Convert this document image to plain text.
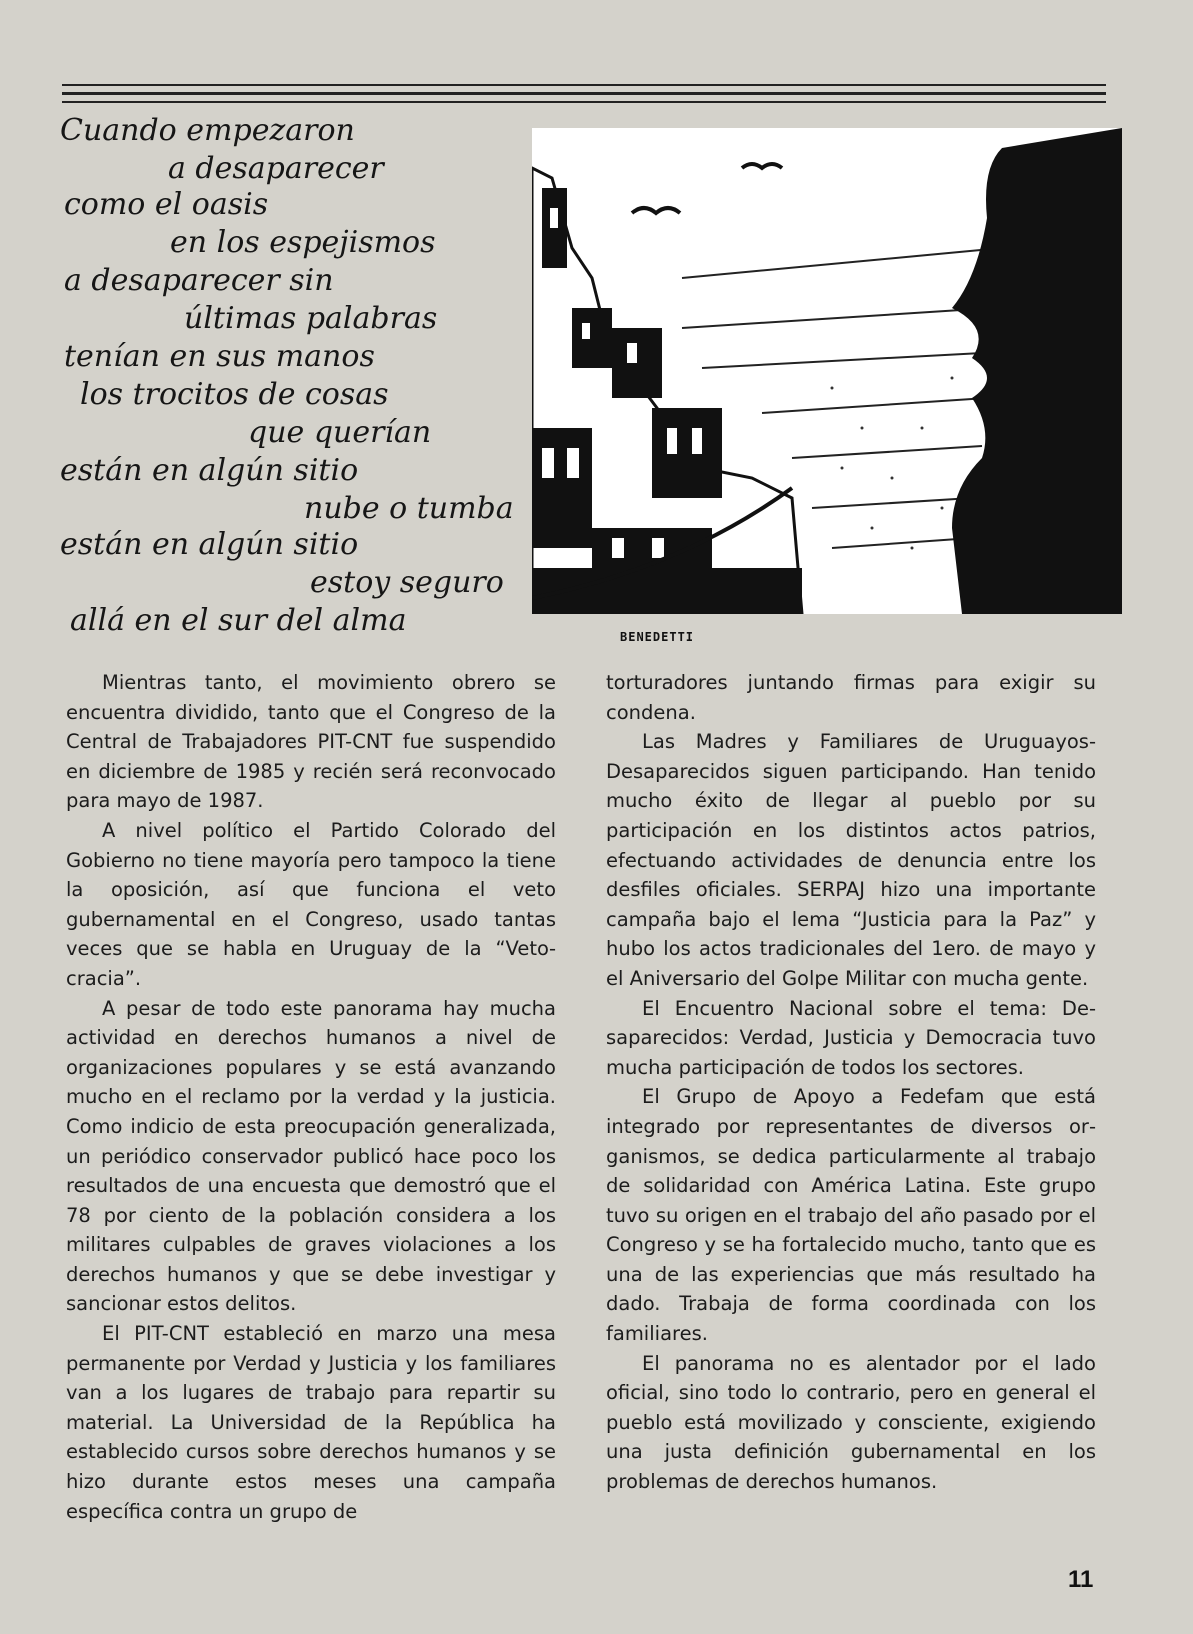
Cuando empezaron
a desaparecer
como el oasis
en los espejismos
a desaparecer sin
últimas palabras
tenían en sus manos
los trocitos de cosas
que querían
están en algún sitio
nube o tumba
están en algún sitio
estoy seguro
allá en el sur del alma	BENEDETTI

Mientras tanto, el movimiento obrero se encuentra dividido, tanto que el Congreso de la Central de Trabajadores PIT-CNT fue suspendido en diciembre de 1985 y recién será reconvocado para mayo de 1987.

A nivel político el Partido Colorado del Gobierno no tiene mayoría pero tampoco la tiene la oposición, así que funciona el veto gubernamental en el Congreso, usado tantas veces que se habla en Uruguay de la “Vetocracia”.

A pesar de todo este panorama hay mucha actividad en derechos humanos a nivel de organizaciones populares y se está avanzando mucho en el reclamo por la verdad y la justicia. Como indicio de esta preocupación generalizada, un periódico conservador publicó hace poco los resultados de una encuesta que demostró que el 78 por ciento de la población considera a los militares culpables de graves violaciones a los derechos humanos y que se debe investigar y sancionar estos delitos.

El PIT-CNT estableció en marzo una mesa permanente por Verdad y Justicia y los familiares van a los lugares de trabajo para repartir su material. La Universidad de la República ha establecido cursos sobre derechos humanos y se hizo durante estos meses una campaña específica contra un grupo de

torturadores juntando firmas para exigir su condena.

Las Madres y Familiares de Uruguayos-Desaparecidos siguen participando. Han tenido mucho éxito de llegar al pueblo por su participación en los distintos actos patrios, efectuando actividades de denuncia entre los desfiles oficiales. SERPAJ hizo una importante campaña bajo el lema “Justicia para la Paz” y hubo los actos tradicionales del 1ero. de mayo y el Aniversario del Golpe Militar con mucha gente.

El Encuentro Nacional sobre el tema: Desaparecidos: Verdad, Justicia y Democracia tuvo mucha participación de todos los sectores.

El Grupo de Apoyo a Fedefam que está integrado por representantes de diversos organismos, se dedica particularmente al trabajo de solidaridad con América Latina. Este grupo tuvo su origen en el trabajo del año pasado por el Congreso y se ha fortalecido mucho, tanto que es una de las experiencias que más resultado ha dado. Trabaja de forma coordinada con los familiares.

El panorama no es alentador por el lado oficial, sino todo lo contrario, pero en general el pueblo está movilizado y consciente, exigiendo una justa definición gubernamental en los problemas de derechos humanos.

11
